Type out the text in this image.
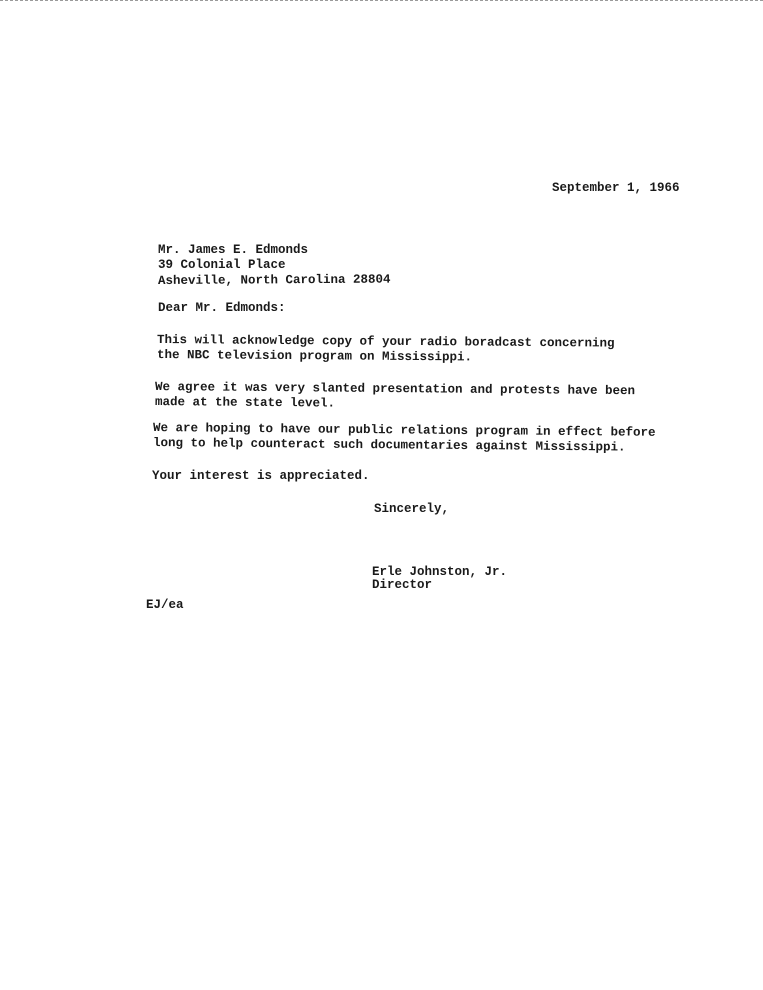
September 1, 1966
Mr. James E. Edmonds
39 Colonial Place
Asheville, North Carolina 28804
Dear Mr. Edmonds:
This will acknowledge copy of your radio boradcast concerning
the NBC television program on Mississippi.
We agree it was very slanted presentation and protests have been
made at the state level.
We are hoping to have our public relations program in effect before
long to help counteract such documentaries against Mississippi.
Your interest is appreciated.
Sincerely,
Erle Johnston, Jr.
Director
EJ/ea
